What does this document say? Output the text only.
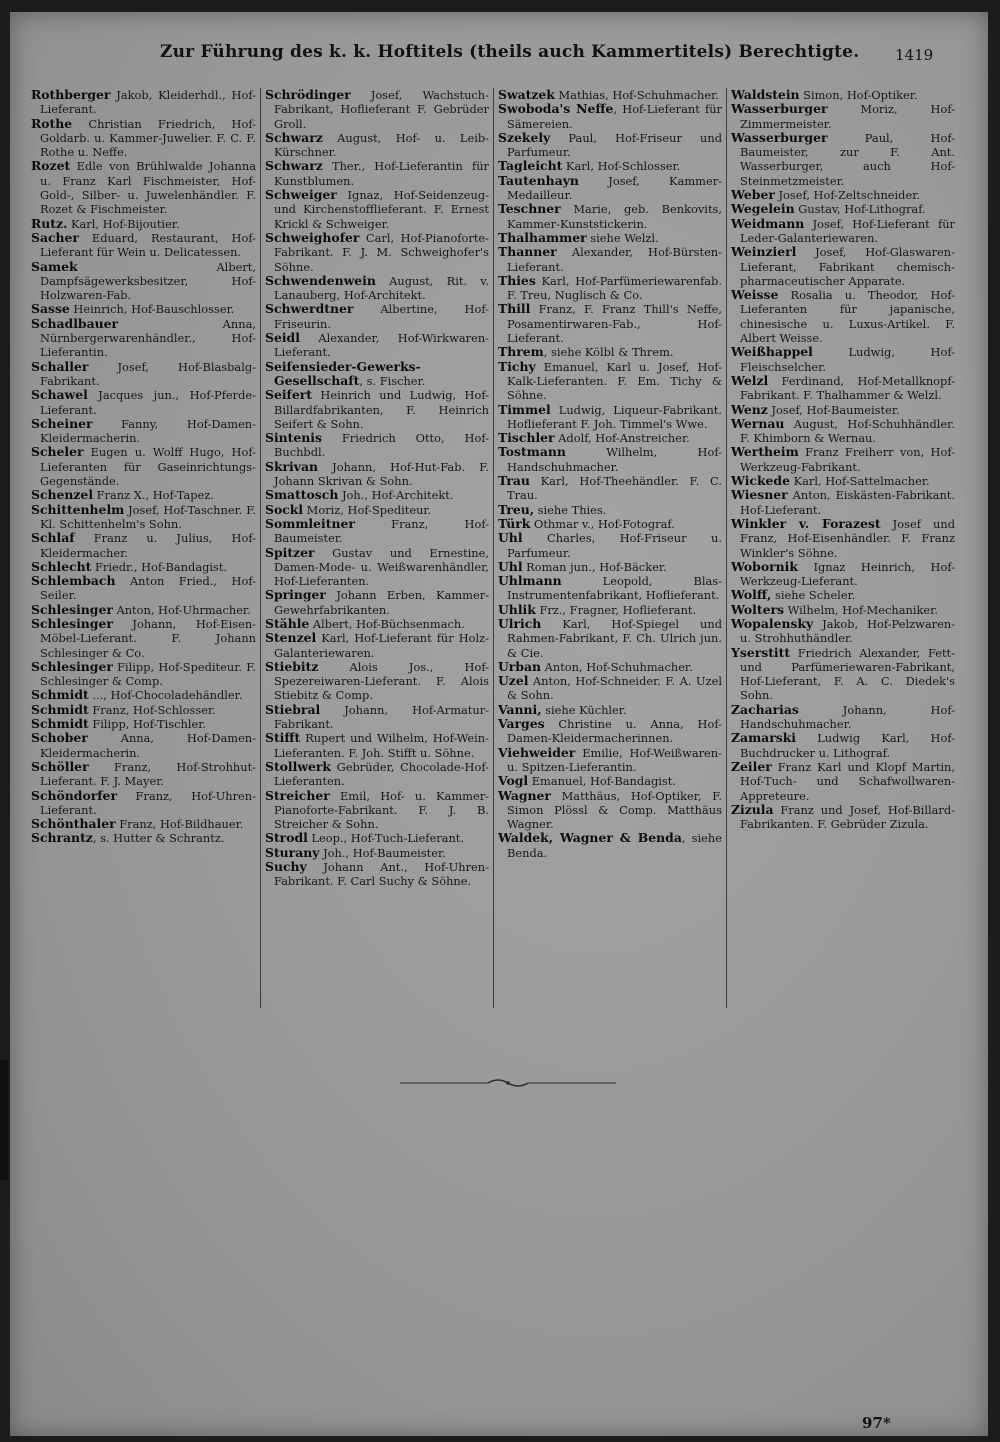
Zur Führung des k. k. Hoftitels (theils auch Kammertitels) Berechtigte. 1419
Rothberger Jakob, Kleiderhdl., Hof-Lieferant.
Rothe Christian Friedrich, Hof-Goldarb. u. Kammer-Juwelier. F. C. F. Rothe u. Neffe.
Rozet Edle von Brühlwalde Johanna u. Franz Karl Fischmeister, Hof-Gold-, Silber- u. Juwelenhändler. F. Rozet & Fischmeister.
Rutz. Karl, Hof-Bijoutier.
Sacher Eduard, Restaurant, Hof-Lieferant für Wein u. Delicatessen.
Samek Albert, Dampfsägewerksbesitzer, Hof-Holzwaren-Fab.
Sasse Heinrich, Hof-Bauschlosser.
Schadlbauer Anna, Nürnbergerwarenhändler., Hof-Lieferantin.
Schaller Josef, Hof-Blasbalg-Fabrikant.
Schawel Jacques jun., Hof-Pferde-Lieferant.
Scheiner Fanny, Hof-Damen-Kleidermacherin.
Scheler Eugen u. Wolff Hugo, Hof-Lieferanten für Gaseinrichtungs-Gegenstände.
Schenzel Franz X., Hof-Tapez.
Schittenhelm Josef, Hof-Taschner. F. Kl. Schittenhelm's Sohn.
Schlaf Franz u. Julius, Hof-Kleidermacher.
Schlecht Friedr., Hof-Bandagist.
Schlembach Anton Fried., Hof-Seiler.
Schlesinger Anton, Hof-Uhrmacher.
Schlesinger Johann, Hof-Eisen-Möbel-Lieferant. F. Johann Schlesinger & Co.
Schlesinger Filipp, Hof-Spediteur. F. Schlesinger & Comp.
Schmidt ..., Hof-Chocoladehändler.
Schmidt Franz, Hof-Schlosser.
Schmidt Filipp, Hof-Tischler.
Schober Anna, Hof-Damen-Kleidermacherin.
Schöller Franz, Hof-Strohhut-Lieferant. F. J. Mayer.
Schöndorfer Franz, Hof-Uhren-Lieferant.
Schönthaler Franz, Hof-Bildhauer.
Schrantz, s. Hutter & Schrantz.
Schrödinger Josef, Wachstuch-Fabrikant, Hoflieferant F. Gebrüder Groll.
Schwarz August, Hof- u. Leib-Kürschner.
Schwarz Ther., Hof-Lieferantin für Kunstblumen.
Schweiger Ignaz, Hof-Seidenzeug- und Kirchenstofflieferant. F. Ernest Krickl & Schweiger.
Schweighofer Carl, Hof-Pianoforte-Fabrikant. F. J. M. Schweighofer's Söhne.
Schwendenwein August, Rit. v. Lanauberg, Hof-Architekt.
Schwerdtner Albertine, Hof-Friseurin.
Seidl Alexander, Hof-Wirkwaren-Lieferant.
Seifensieder-Gewerks-Gesellschaft, s. Fischer.
Seifert Heinrich und Ludwig, Hof-Billardfabrikanten, F. Heinrich Seifert & Sohn.
Sintenis Friedrich Otto, Hof-Buchbdl.
Skrivan Johann, Hof-Hut-Fab. F. Johann Skrivan & Sohn.
Smattosch Joh., Hof-Architekt.
Sockl Moriz, Hof-Spediteur.
Sommleitner Franz, Hof-Baumeister.
Spitzer Gustav und Ernestine, Damen-Mode- u. Weißwarenhändler, Hof-Lieferanten.
Springer Johann Erben, Kammer-Gewehrfabrikanten.
Stähle Albert, Hof-Büchsenmach.
Stenzel Karl, Hof-Lieferant für Holz-Galanteriewaren.
Stiebitz Alois Jos., Hof-Spezereiwaren-Lieferant. F. Alois Stiebitz & Comp.
Stiebral Johann, Hof-Armatur-Fabrikant.
Stifft Rupert und Wilhelm, Hof-Wein-Lieferanten. F. Joh. Stifft u. Söhne.
Stollwerk Gebrüder, Chocolade-Hof-Lieferanten.
Streicher Emil, Hof- u. Kammer-Pianoforte-Fabrikant. F. J. B. Streicher & Sohn.
Strodl Leop., Hof-Tuch-Lieferant.
Sturany Joh., Hof-Baumeister.
Suchy Johann Ant., Hof-Uhren-Fabrikant. F. Carl Suchy & Söhne.
Swatzek Mathias, Hof-Schuhmacher.
Swoboda's Neffe, Hof-Lieferant für Sämereien.
Szekely Paul, Hof-Friseur und Parfumeur.
Tagleicht Karl, Hof-Schlosser.
Tautenhayn Josef, Kammer-Medailleur.
Teschner Marie, geb. Benkovits, Kammer-Kunststickerin.
Thalhammer siehe Welzl.
Thanner Alexander, Hof-Bürsten-Lieferant.
Thies Karl, Hof-Parfümeriewarenfab. F. Treu, Nuglisch & Co.
Thill Franz, F. Franz Thill's Neffe, Posamentirwaren-Fab., Hof-Lieferant.
Threm, siehe Kölbl & Threm.
Tichy Emanuel, Karl u. Josef, Hof-Kalk-Lieferanten. F. Em. Tichy & Söhne.
Timmel Ludwig, Liqueur-Fabrikant. Hoflieferant F. Joh. Timmel's Wwe.
Tischler Adolf, Hof-Anstreicher.
Tostmann Wilhelm, Hof-Handschuhmacher.
Trau Karl, Hof-Theehändler. F. C. Trau.
Treu, siehe Thies.
Türk Othmar v., Hof-Fotograf.
Uhl Charles, Hof-Friseur u. Parfumeur.
Uhl Roman jun., Hof-Bäcker.
Uhlmann Leopold, Blas-Instrumentenfabrikant, Hoflieferant.
Uhlik Frz., Fragner, Hoflieferant.
Ulrich Karl, Hof-Spiegel und Rahmen-Fabrikant, F. Ch. Ulrich jun. & Cie.
Urban Anton, Hof-Schuhmacher.
Uzel Anton, Hof-Schneider. F. A. Uzel & Sohn.
Vanni, siehe Küchler.
Varges Christine u. Anna, Hof-Damen-Kleidermacherinnen.
Viehweider Emilie, Hof-Weißwaren- u. Spitzen-Lieferantin.
Vogl Emanuel, Hof-Bandagist.
Wagner Matthäus, Hof-Optiker, F. Simon Plössl & Comp. Matthäus Wagner.
Waldek, Wagner & Benda, siehe Benda.
Waldstein Simon, Hof-Optiker.
Wasserburger Moriz, Hof-Zimmermeister.
Wasserburger Paul, Hof-Baumeister, zur F. Ant. Wasserburger, auch Hof-Steinmetzmeister.
Weber Josef, Hof-Zeltschneider.
Wegelein Gustav, Hof-Lithograf.
Weidmann Josef, Hof-Lieferant für Leder-Galanteriewaren.
Weinzierl Josef, Hof-Glaswaren-Lieferant, Fabrikant chemisch-pharmaceutischer Apparate.
Weisse Rosalia u. Theodor, Hof-Lieferanten für japanische, chinesische u. Luxus-Artikel. F. Albert Weisse.
Weißhappel Ludwig, Hof-Fleischselcher.
Welzl Ferdinand, Hof-Metallknopf-Fabrikant. F. Thalhammer & Welzl.
Wenz Josef, Hof-Baumeister.
Wernau August, Hof-Schuhhändler. F. Khimborn & Wernau.
Wertheim Franz Freiherr von, Hof-Werkzeug-Fabrikant.
Wickede Karl, Hof-Sattelmacher.
Wiesner Anton, Eiskästen-Fabrikant. Hof-Lieferant.
Winkler v. Forazest Josef und Franz, Hof-Eisenhändler. F. Franz Winkler's Söhne.
Wobornik Ignaz Heinrich, Hof-Werkzeug-Lieferant.
Wolff, siehe Scheler.
Wolters Wilhelm, Hof-Mechaniker.
Wopalensky Jakob, Hof-Pelzwaren- u. Strohhuthändler.
Yserstitt Friedrich Alexander, Fett- und Parfümeriewaren-Fabrikant, Hof-Lieferant, F. A. C. Diedek's Sohn.
Zacharias Johann, Hof-Handschuhmacher.
Zamarski Ludwig Karl, Hof-Buchdrucker u. Lithograf.
Zeiler Franz Karl und Klopf Martin, Hof-Tuch- und Schafwollwaren-Appreteure.
Zizula Franz und Josef, Hof-Billard-Fabrikanten. F. Gebrüder Zizula.
97*
